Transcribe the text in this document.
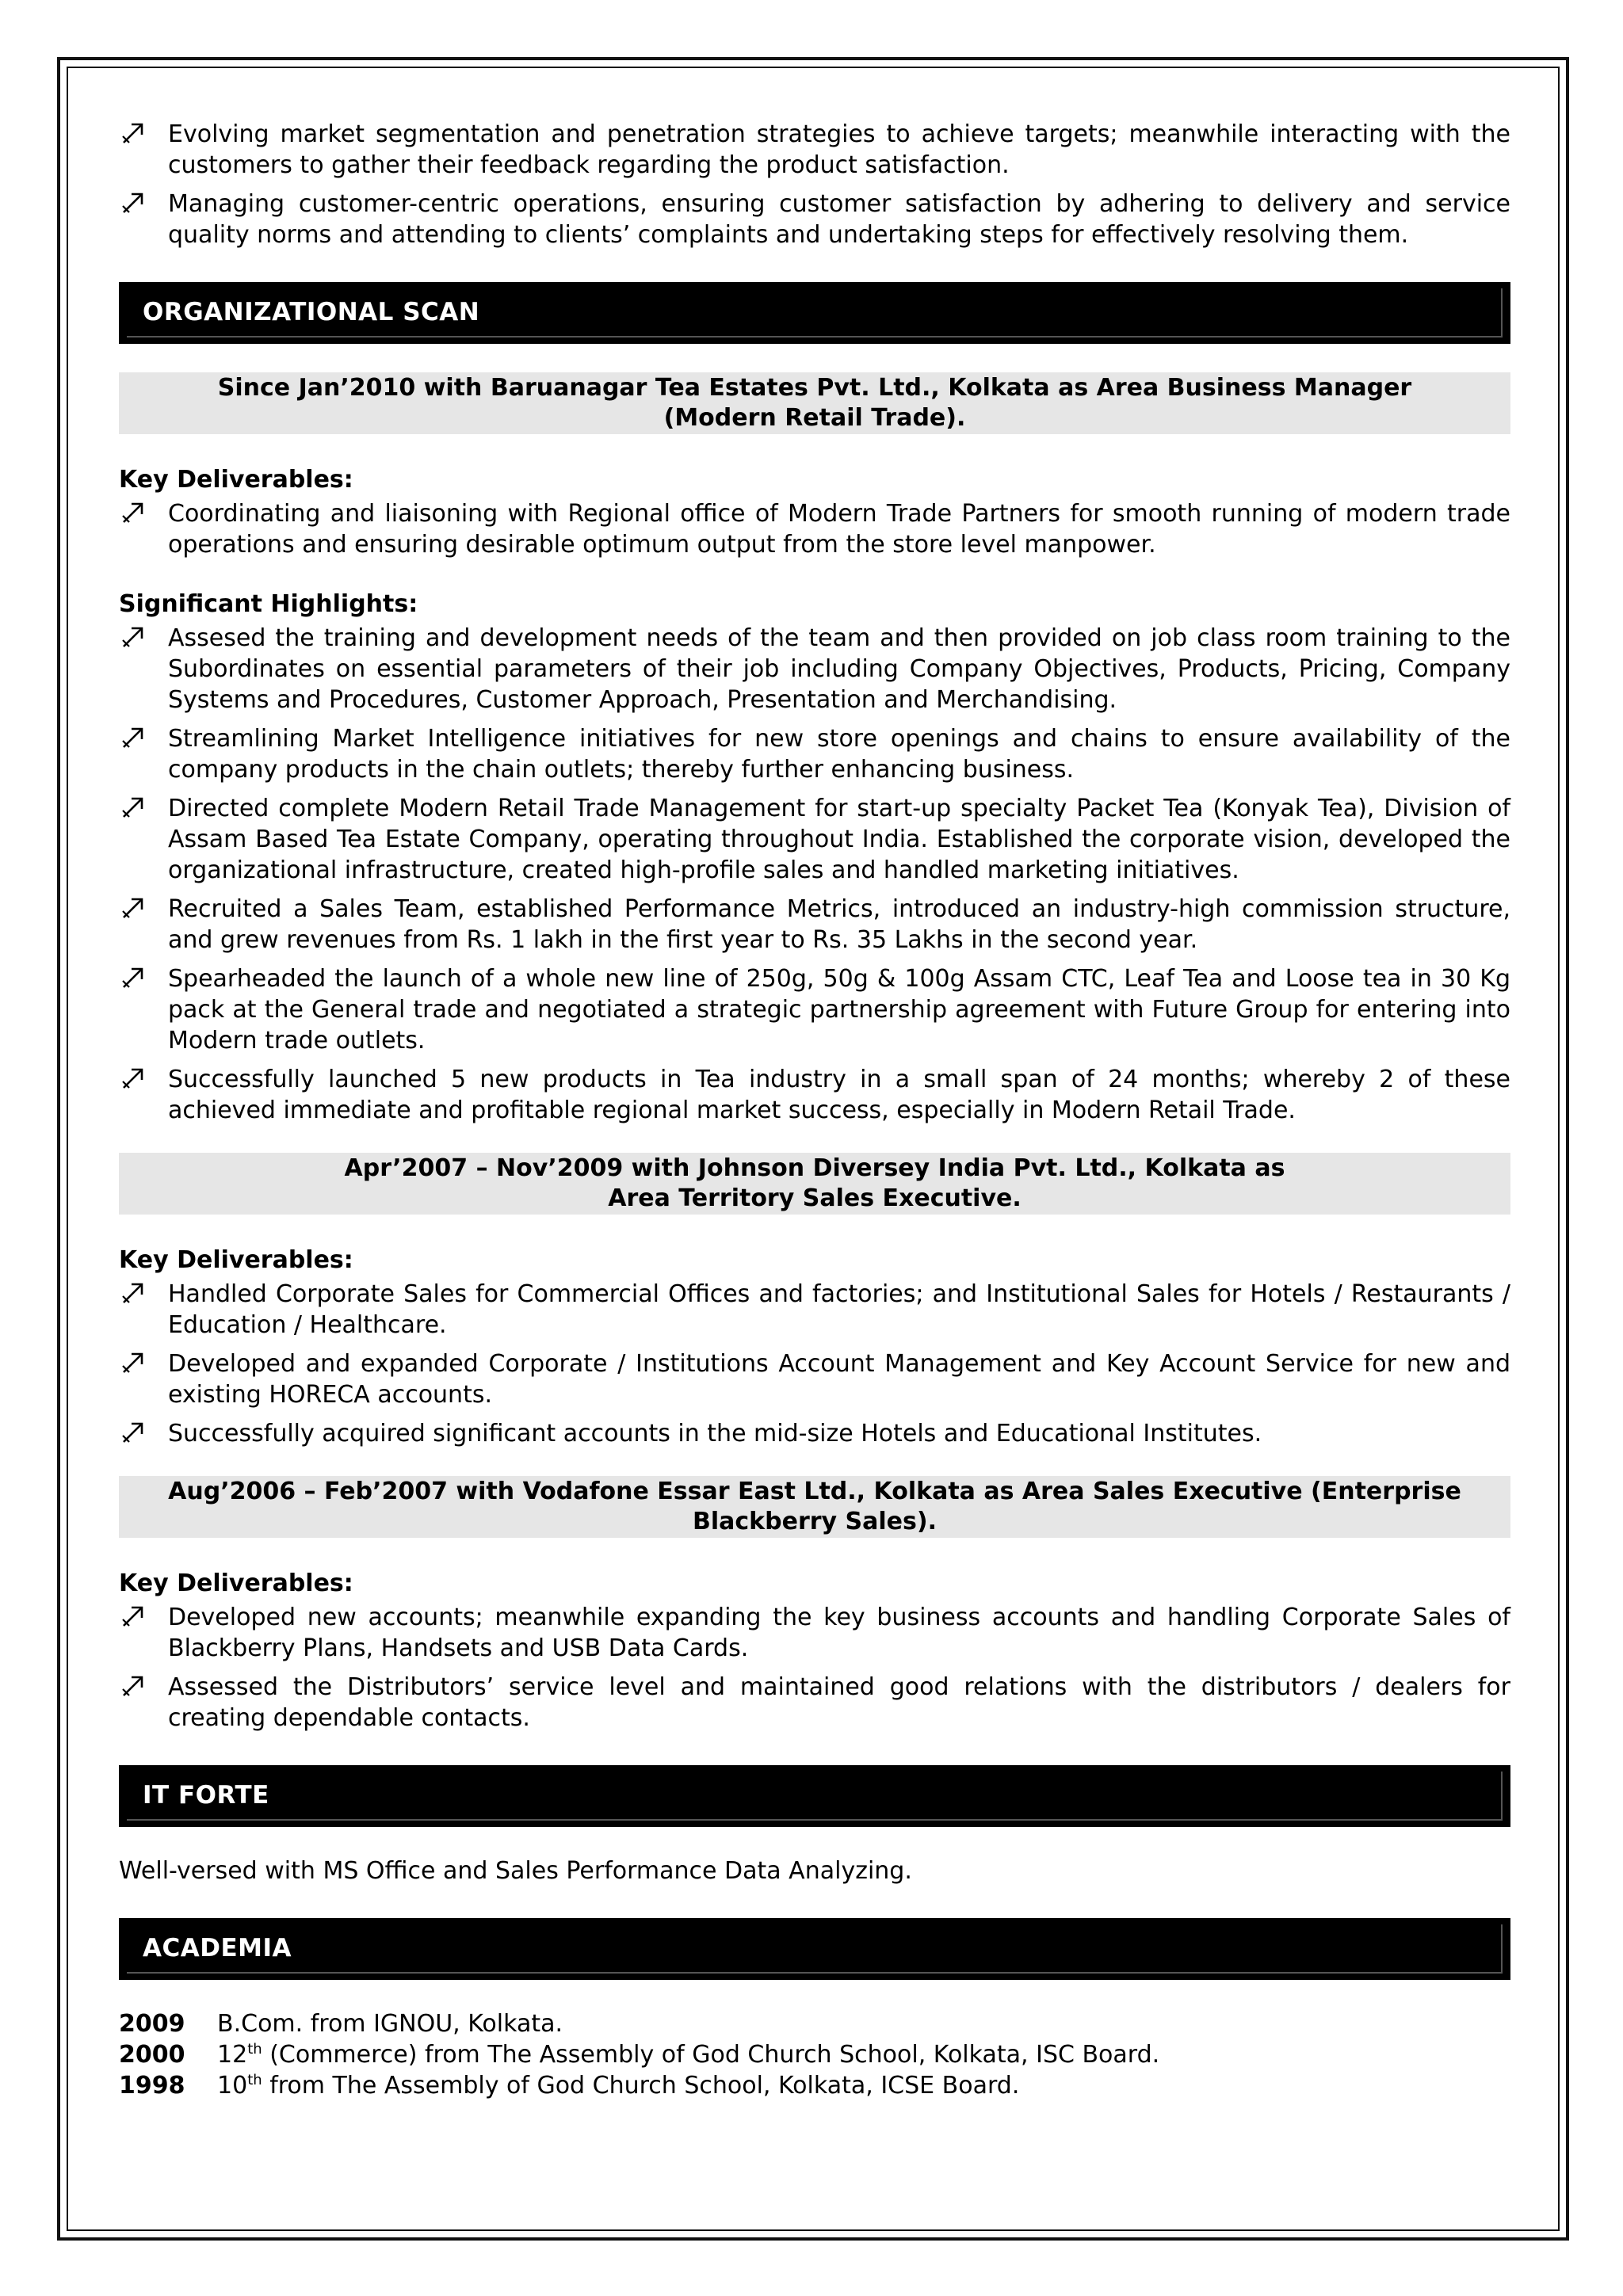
Evolving market segmentation and penetration strategies to achieve targets; meanwhile interacting with the customers to gather their feedback regarding the product satisfaction.
Managing customer-centric operations, ensuring customer satisfaction by adhering to delivery and service quality norms and attending to clients’ complaints and undertaking steps for effectively resolving them.
ORGANIZATIONAL SCAN
Since Jan’2010 with Baruanagar Tea Estates Pvt. Ltd., Kolkata as Area Business Manager
(Modern Retail Trade).
Key Deliverables:
Coordinating and liaisoning with Regional office of Modern Trade Partners for smooth running of modern trade operations and ensuring desirable optimum output from the store level manpower.
Significant Highlights:
Assesed the training and development needs of the team and then provided on job class room training to the Subordinates on essential parameters of their job including Company Objectives, Products, Pricing, Company Systems and Procedures, Customer Approach, Presentation and Merchandising.
Streamlining Market Intelligence initiatives for new store openings and chains to ensure availability of the company products in the chain outlets; thereby further enhancing business.
Directed complete Modern Retail Trade Management for start-up specialty Packet Tea (Konyak Tea), Division of Assam Based Tea Estate Company, operating throughout India. Established the corporate vision, developed the organizational infrastructure, created high-profile sales and handled marketing initiatives.
Recruited a Sales Team, established Performance Metrics, introduced an industry-high commission structure, and grew revenues from Rs. 1 lakh in the first year to Rs. 35 Lakhs in the second year.
Spearheaded the launch of a whole new line of 250g, 50g & 100g Assam CTC, Leaf Tea and Loose tea in 30 Kg pack at the General trade and negotiated a strategic partnership agreement with Future Group for entering into Modern trade outlets.
Successfully launched 5 new products in Tea industry in a small span of 24 months; whereby 2 of these achieved immediate and profitable regional market success, especially in Modern Retail Trade.
Apr’2007 – Nov’2009 with Johnson Diversey India Pvt. Ltd., Kolkata as
Area Territory Sales Executive.
Key Deliverables:
Handled Corporate Sales for Commercial Offices and factories; and Institutional Sales for Hotels / Restaurants / Education / Healthcare.
Developed and expanded Corporate / Institutions Account Management and Key Account Service for new and existing HORECA accounts.
Successfully acquired significant accounts in the mid-size Hotels and Educational Institutes.
Aug’2006 – Feb’2007 with Vodafone Essar East Ltd., Kolkata as Area Sales Executive (Enterprise
Blackberry Sales).
Key Deliverables:
Developed new accounts; meanwhile expanding the key business accounts and handling Corporate Sales of Blackberry Plans, Handsets and USB Data Cards.
Assessed the Distributors’ service level and maintained good relations with the distributors / dealers for creating dependable contacts.
IT FORTE
Well-versed with MS Office and Sales Performance Data Analyzing.
ACADEMIA
2009	B.Com. from IGNOU, Kolkata.
2000	12th (Commerce) from The Assembly of God Church School, Kolkata, ISC Board.
1998	10th from The Assembly of God Church School, Kolkata, ICSE Board.
